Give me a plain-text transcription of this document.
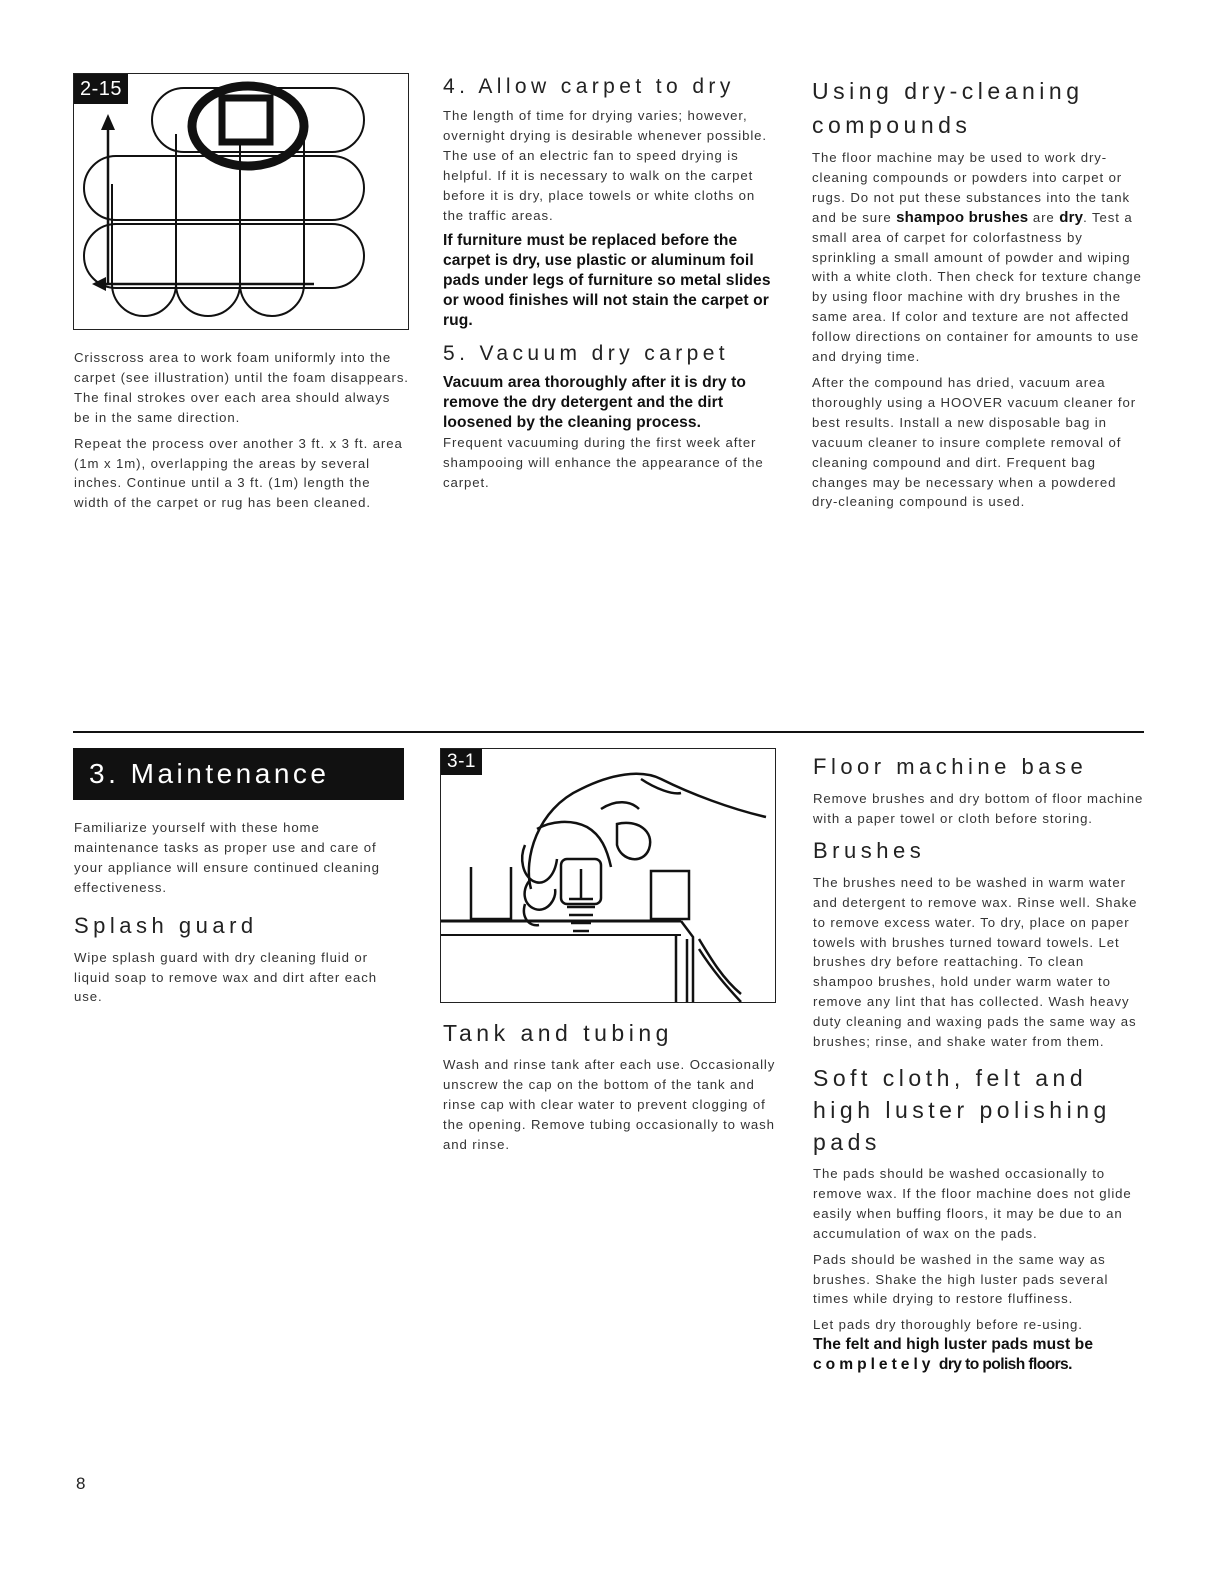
2-15

Crisscross area to work foam uniformly into the carpet (see illustration) until the foam disappears. The final strokes over each area should always be in the same direction.

Repeat the process over another 3 ft. x 3 ft. area (1m x 1m), overlapping the areas by several inches. Continue until a 3 ft. (1m) length the width of the carpet or rug has been cleaned.

4. Allow carpet to dry

The length of time for drying varies; however, overnight drying is desirable whenever possible. The use of an electric fan to speed drying is helpful. If it is necessary to walk on the carpet before it is dry, place towels or white cloths on the traffic areas.

If furniture must be replaced before the carpet is dry, use plastic or aluminum foil pads under legs of furniture so metal slides or wood finishes will not stain the carpet or rug.

5. Vacuum dry carpet

Vacuum area thoroughly after it is dry to remove the dry detergent and the dirt loosened by the cleaning process.

Frequent vacuuming during the first week after shampooing will enhance the appearance of the carpet.

Using dry-cleaning compounds

The floor machine may be used to work dry-cleaning compounds or powders into carpet or rugs. Do not put these substances into the tank and be sure shampoo brushes are dry. Test a small area of carpet for colorfastness by sprinkling a small amount of powder and wiping with a white cloth. Then check for texture change by using floor machine with dry brushes in the same area. If color and texture are not affected follow directions on container for amounts to use and drying time.

After the compound has dried, vacuum area thoroughly using a HOOVER vacuum cleaner for best results. Install a new disposable bag in vacuum cleaner to insure complete removal of cleaning compound and dirt. Frequent bag changes may be necessary when a powdered dry-cleaning compound is used.

3. Maintenance

Familiarize yourself with these home maintenance tasks as proper use and care of your appliance will ensure continued cleaning effectiveness.

Splash guard

Wipe splash guard with dry cleaning fluid or liquid soap to remove wax and dirt after each use.

3-1
Tank and tubing

Wash and rinse tank after each use. Occasionally unscrew the cap on the bottom of the tank and rinse cap with clear water to prevent clogging of the opening. Remove tubing occasionally to wash and rinse.

Floor machine base

Remove brushes and dry bottom of floor machine with a paper towel or cloth before storing.

Brushes

The brushes need to be washed in warm water and detergent to remove wax. Rinse well. Shake to remove excess water. To dry, place on paper towels with brushes turned toward towels. Let brushes dry before reattaching. To clean shampoo brushes, hold under warm water to remove any lint that has collected. Wash heavy duty cleaning and waxing pads the same way as brushes; rinse, and shake water from them.

Soft cloth, felt and high luster polishing pads

The pads should be washed occasionally to remove wax. If the floor machine does not glide easily when buffing floors, it may be due to an accumulation of wax on the pads.

Pads should be washed in the same way as brushes. Shake the high luster pads several times while drying to restore fluffiness.

Let pads dry thoroughly before re-using.

The felt and high luster pads must be
completely dry to polish floors.

8
